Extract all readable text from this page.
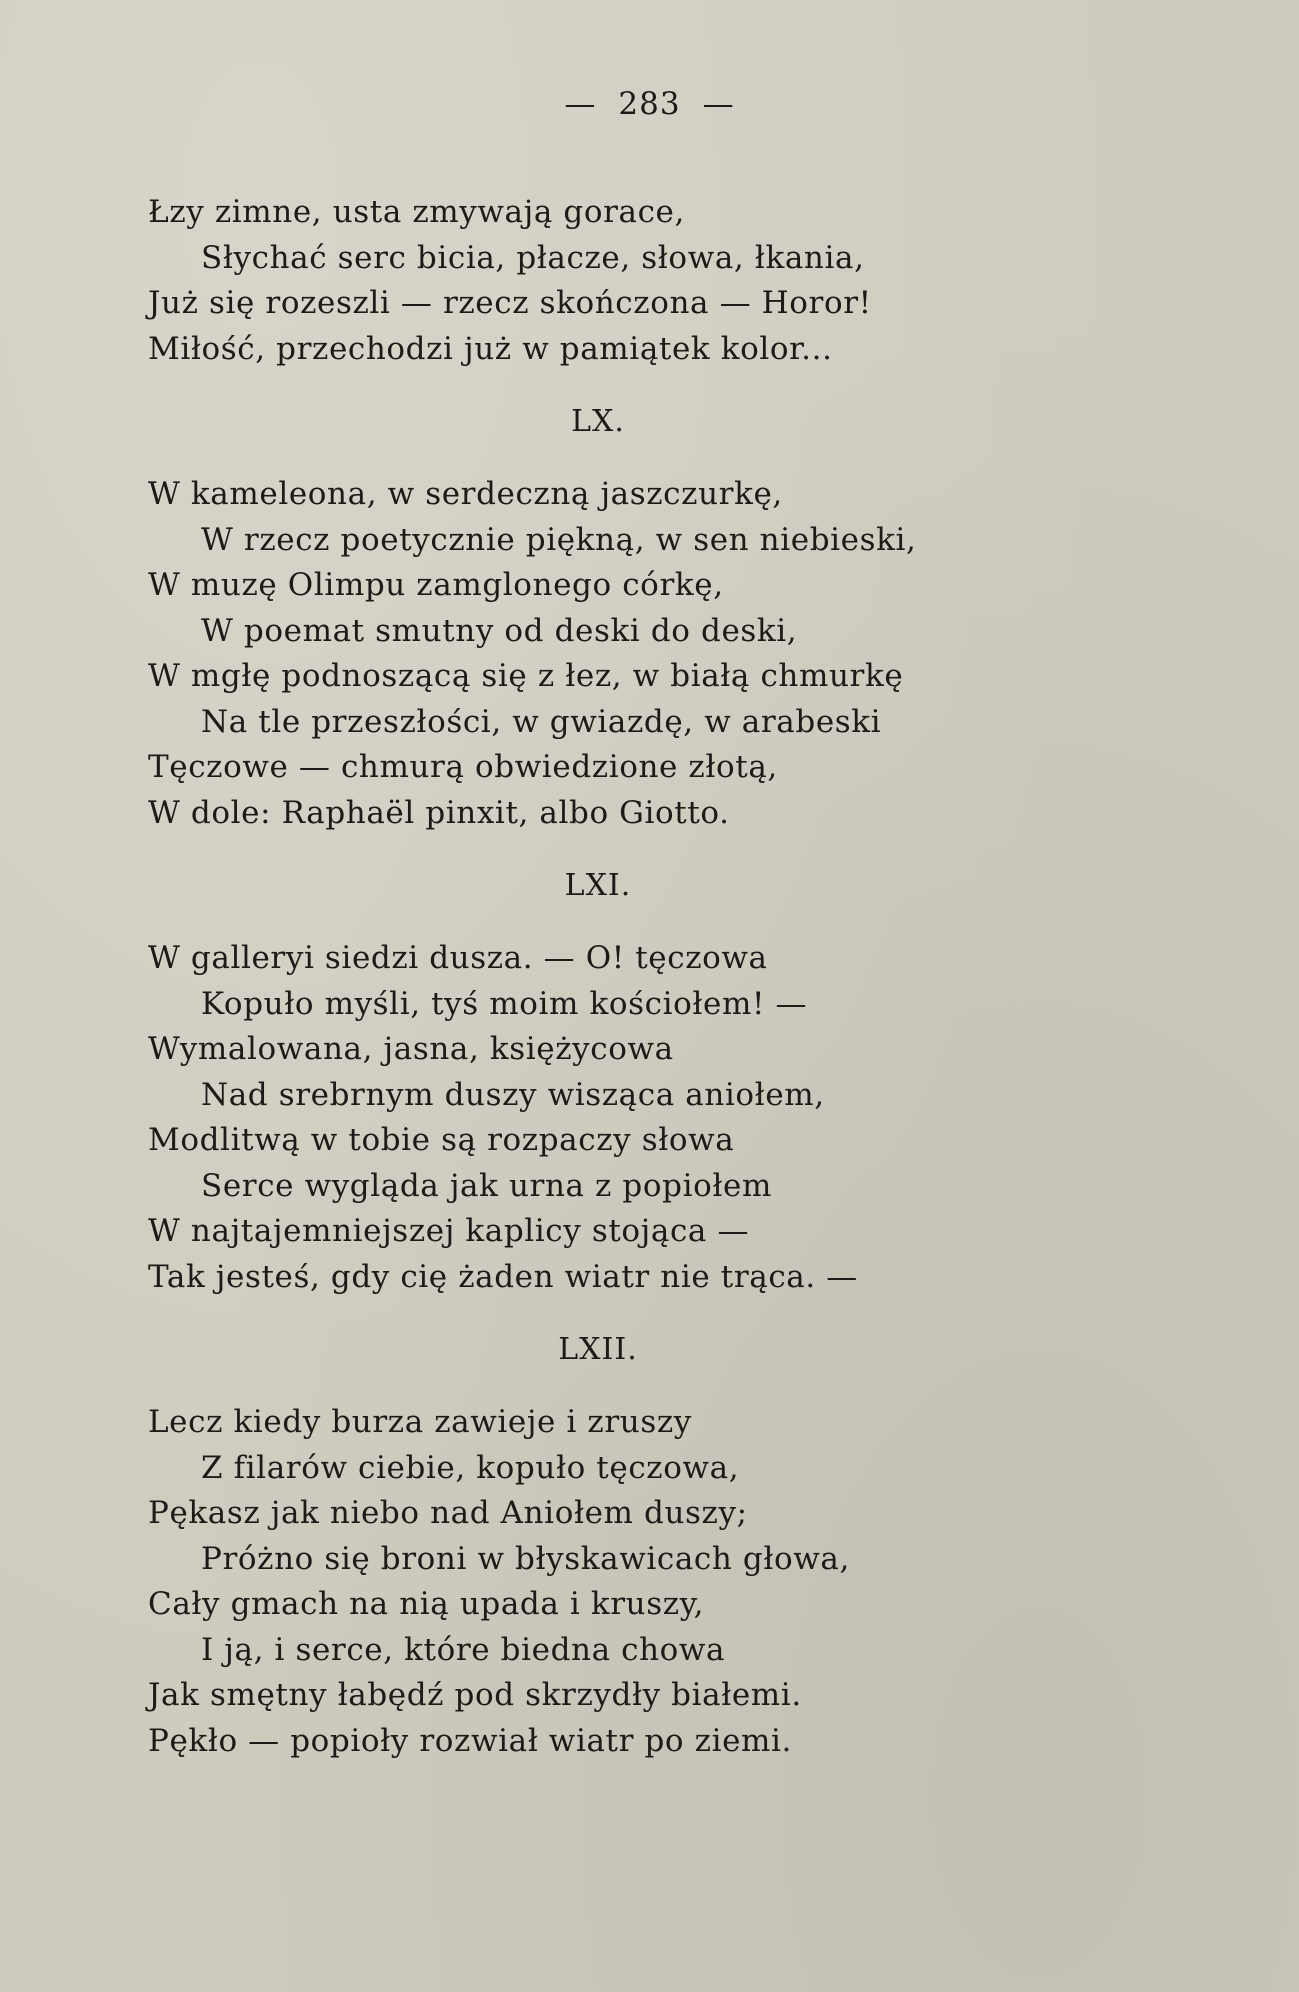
— 283 —
Łzy zimne, usta zmywają gorace,
Słychać serc bicia, płacze, słowa, łkania,
Już się rozeszli — rzecz skończona — Horor!
Miłość, przechodzi już w pamiątek kolor...
LX.
W kameleona, w serdeczną jaszczurkę,
W rzecz poetycznie piękną, w sen niebieski,
W muzę Olimpu zamglonego córkę,
W poemat smutny od deski do deski,
W mgłę podnoszącą się z łez, w białą chmurkę
Na tle przeszłości, w gwiazdę, w arabeski
Tęczowe — chmurą obwiedzione złotą,
W dole: Raphaël pinxit, albo Giotto.
LXI.
W galleryi siedzi dusza. — O! tęczowa
Kopuło myśli, tyś moim kościołem! —
Wymalowana, jasna, księżycowa
Nad srebrnym duszy wisząca aniołem,
Modlitwą w tobie są rozpaczy słowa
Serce wygląda jak urna z popiołem
W najtajemniejszej kaplicy stojąca —
Tak jesteś, gdy cię żaden wiatr nie trąca. —
LXII.
Lecz kiedy burza zawieje i zruszy
Z filarów ciebie, kopuło tęczowa,
Pękasz jak niebo nad Aniołem duszy;
Próżno się broni w błyskawicach głowa,
Cały gmach na nią upada i kruszy,
I ją, i serce, które biedna chowa
Jak smętny łabędź pod skrzydły białemi.
Pękło — popioły rozwiał wiatr po ziemi.
